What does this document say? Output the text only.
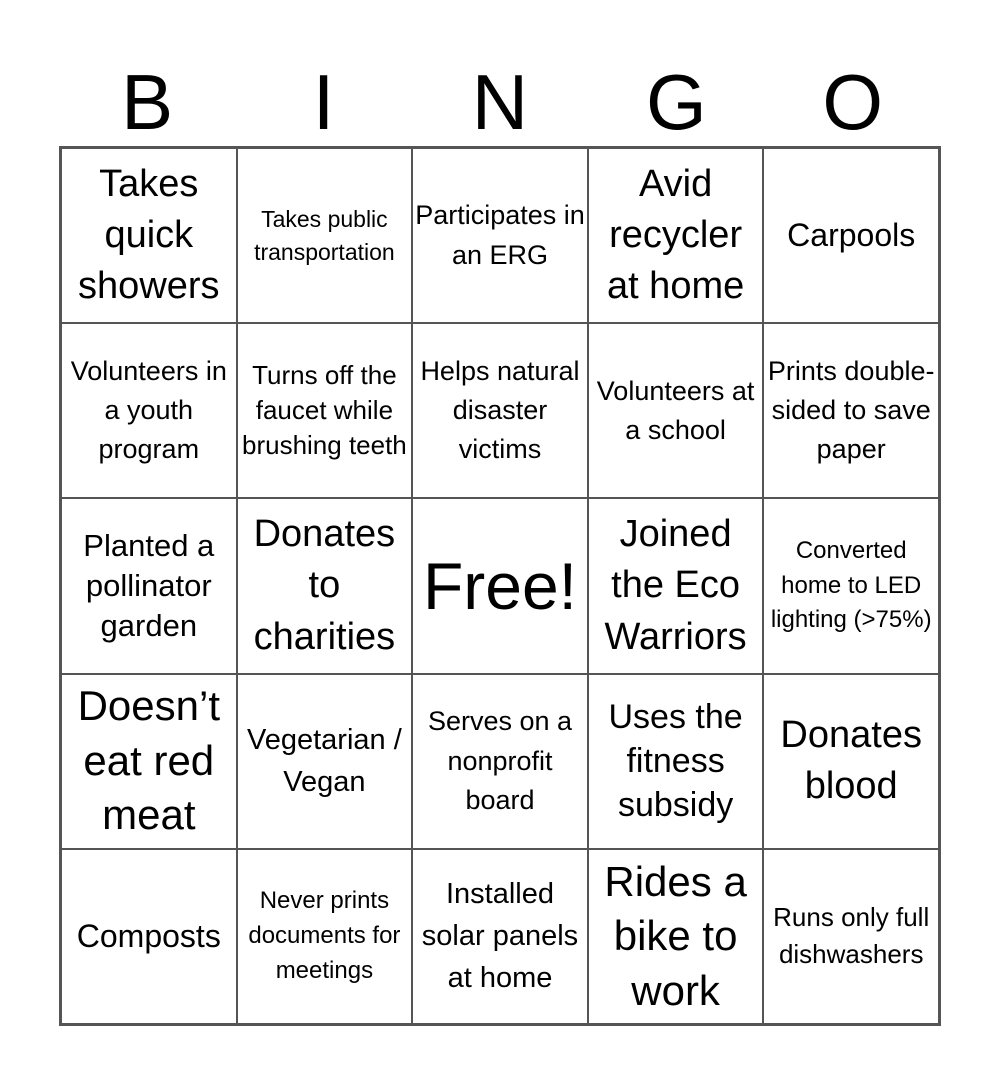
B	I	N	G	O
Takes quick showers
Takes public transportation
Participates in an ERG
Avid recycler at home
Carpools
Volunteers in a youth program
Turns off the faucet while brushing teeth
Helps natural disaster victims
Volunteers at a school
Prints double-sided to save paper
Planted a pollinator garden
Donates to charities
Free!
Joined the Eco Warriors
Converted home to LED lighting (>75%)
Doesn’t eat red meat
Vegetarian / Vegan
Serves on a nonprofit board
Uses the fitness subsidy
Donates blood
Composts
Never prints documents for meetings
Installed solar panels at home
Rides a bike to work
Runs only full dishwashers
